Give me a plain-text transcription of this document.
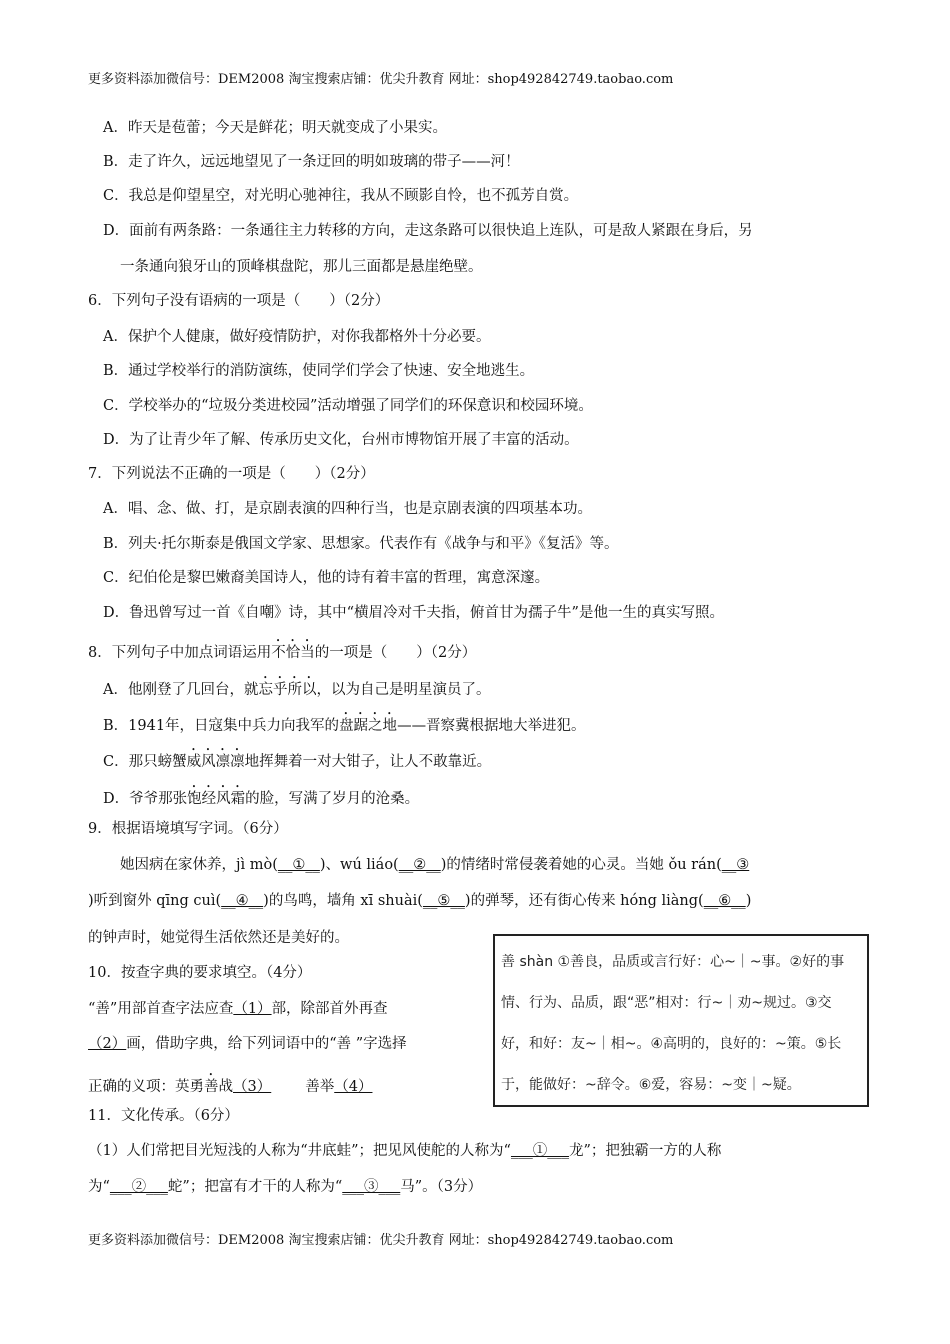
更多资料添加微信号：DEM2008 淘宝搜索店铺：优尖升教育 网址：shop492842749.taobao.com
A．昨天是苞蕾；今天是鲜花；明天就变成了小果实。
B．走了许久，远远地望见了一条迂回的明如玻璃的带子——河！
C．我总是仰望星空，对光明心驰神往，我从不顾影自怜，也不孤芳自赏。
D．面前有两条路：一条通往主力转移的方向，走这条路可以很快追上连队，可是敌人紧跟在身后，另
一条通向狼牙山的顶峰棋盘陀，那儿三面都是悬崖绝壁。
6．下列句子没有语病的一项是（　　）（2分）
A．保护个人健康，做好疫情防护，对你我都格外十分必要。
B．通过学校举行的消防演练，使同学们学会了快速、安全地逃生。
C．学校举办的“垃圾分类进校园”活动增强了同学们的环保意识和校园环境。
D．为了让青少年了解、传承历史文化，台州市博物馆开展了丰富的活动。
7．下列说法不正确的一项是（　　）（2分）
A．唱、念、做、打，是京剧表演的四种行当，也是京剧表演的四项基本功。
B．列夫·托尔斯泰是俄国文学家、思想家。代表作有《战争与和平》《复活》等。
C．纪伯伦是黎巴嫩裔美国诗人，他的诗有着丰富的哲理，寓意深邃。
D．鲁迅曾写过一首《自嘲》诗，其中“横眉冷对千夫指，俯首甘为孺子牛”是他一生的真实写照。
8．下列句子中加点词语运用不恰当的一项是（　　）（2分）
A．他刚登了几回台，就忘乎所以，以为自己是明星演员了。
B．1941年，日寇集中兵力向我军的盘踞之地——晋察冀根据地大举进犯。
C．那只螃蟹威风凛凛地挥舞着一对大钳子，让人不敢靠近。
D．爷爷那张饱经风霜的脸，写满了岁月的沧桑。
9．根据语境填写字词。（6分）
她因病在家休养，jì mò(__①__)、wú liáo(__②__)的情绪时常侵袭着她的心灵。当她 ǒu rán(__③
)听到窗外 qīng cuì(__④__)的鸟鸣，墙角 xī shuài(__⑤__)的弹琴，还有街心传来 hóng liàng(__⑥__)
的钟声时，她觉得生活依然还是美好的。
10．按查字典的要求填空。（4分）
“善”用部首查字法应查（1）部，除部首外再查
（2）画，借助字典，给下列词语中的“善 ”字选择
正确的义项：英勇善战（3） 善举（4）
善 shàn ①善良，品质或言行好：心~｜~事。②好的事
情、行为、品质，跟“恶”相对：行~｜劝~规过。③交
好，和好：友~｜相~。④高明的，良好的：~策。⑤长
于，能做好：~辞令。⑥爱，容易：~变｜~疑。
11．文化传承。（6分）
（1）人们常把目光短浅的人称为“井底蛙”；把见风使舵的人称为“___①___龙”；把独霸一方的人称
为“___②___蛇”；把富有才干的人称为“___③___马”。（3分）
更多资料添加微信号：DEM2008 淘宝搜索店铺：优尖升教育 网址：shop492842749.taobao.com
